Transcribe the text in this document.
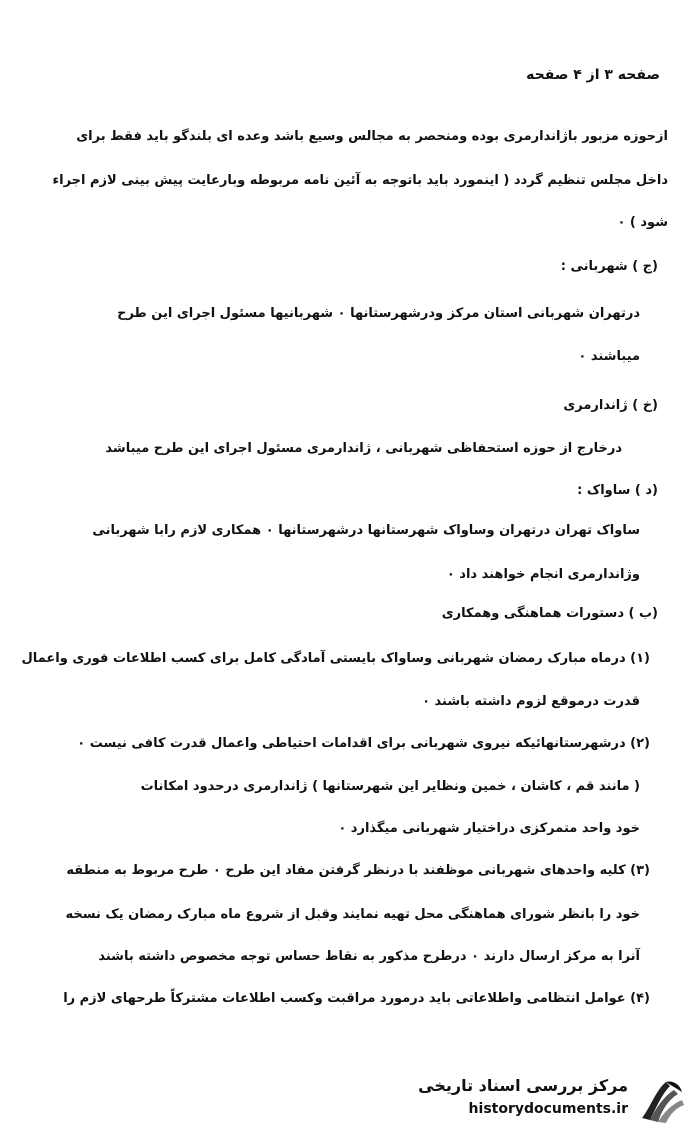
صفحه ۳ از ۴ صفحه
ازحوزه مزبور باژاندارمری بوده ومنحصر به مجالس وسیع باشد وعده ای بلندگو باید فقط برای
داخل مجلس تنظیم گردد ( اینمورد باید باتوجه به آئین نامه مربوطه وبارعایت پیش بینی لازم اجراء
شود ) ۰
(ج ) شهربانی :
درتهران شهربانی استان مرکز ودرشهرستانها ۰ شهربانیها مسئول اجرای این طرح
میباشند ۰
(خ ) ژاندارمری
درخارج از حوزه استحفاظی شهربانی ، ژاندارمری مسئول اجرای این طرح میباشد
(د ) ساواک :
ساواک تهران درتهران وساواک شهرستانها درشهرستانها ۰ همکاری لازم رابا شهربانی
وژاندارمری انجام خواهند داد ۰
(ب ) دستورات هماهنگی وهمکاری
(۱) درماه مبارک رمضان شهربانی وساواک بایستی آمادگی کامل برای کسب اطلاعات فوری واعمال
قدرت درموقع لزوم داشته باشند ۰
(۲) درشهرستانهائیکه نیروی شهربانی برای اقدامات احتیاطی واعمال قدرت کافی نیست ۰
( مانند قم ، کاشان ، خمین ونظایر این شهرستانها ) ژاندارمری درحدود امکانات
خود واحد متمرکزی دراختیار شهربانی میگذارد ۰
(۳) کلیه واحدهای شهربانی موظفند با درنظر گرفتن مفاد این طرح ۰ طرح مربوط به منطقه
خود را بانظر شورای هماهنگی محل تهیه نمایند وقبل از شروع ماه مبارک رمضان یک نسخه
آنرا به مرکز ارسال دارند ۰ درطرح مذکور به نقاط حساس توجه مخصوص داشته باشند
(۴) عوامل انتظامی واطلاعاتی باید درمورد مراقبت وکسب اطلاعات مشترکاً طرحهای لازم را
مرکز بررسی اسناد تاریخی
historydocuments.ir
